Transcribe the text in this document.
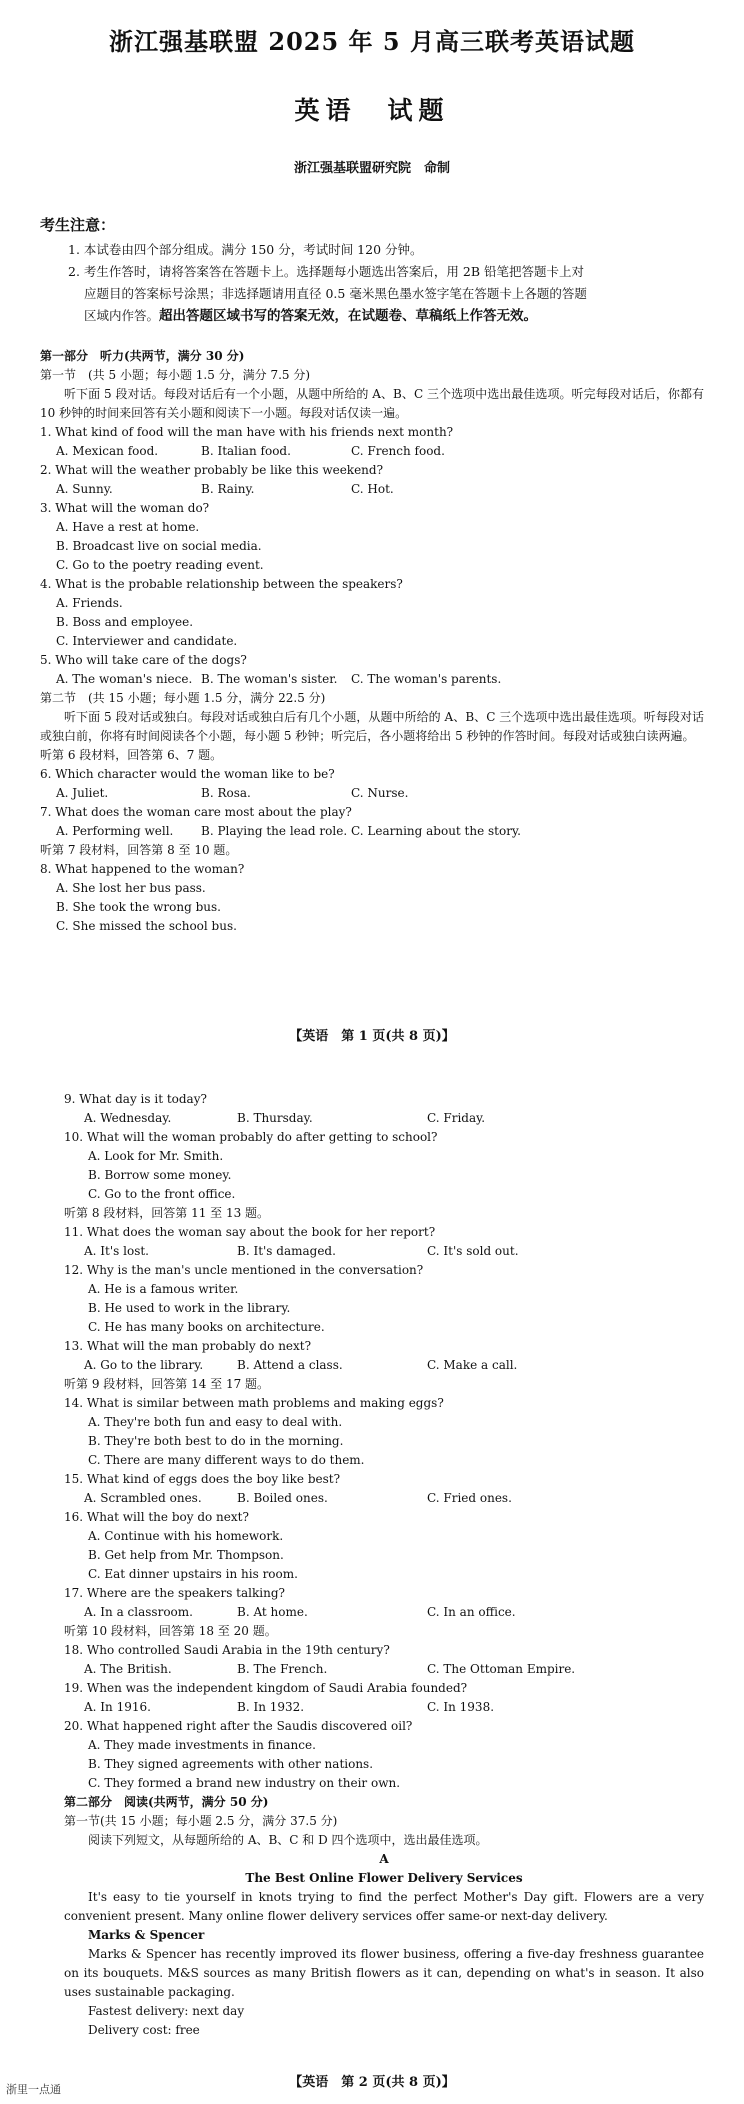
浙江强基联盟 2025 年 5 月高三联考英语试题
英语　试题
浙江强基联盟研究院　命制
考生注意：
1. 本试卷由四个部分组成。满分 150 分，考试时间 120 分钟。
2. 考生作答时，请将答案答在答题卡上。选择题每小题选出答案后，用 2B 铅笔把答题卡上对
应题目的答案标号涂黑；非选择题请用直径 0.5 毫米黑色墨水签字笔在答题卡上各题的答题
区域内作答。超出答题区域书写的答案无效，在试题卷、草稿纸上作答无效。
第一部分　听力(共两节，满分 30 分)
第一节　(共 5 小题；每小题 1.5 分，满分 7.5 分)
听下面 5 段对话。每段对话后有一个小题，从题中所给的 A、B、C 三个选项中选出最佳选项。听完每段对话后，你都有 10 秒钟的时间来回答有关小题和阅读下一小题。每段对话仅读一遍。
1. What kind of food will the man have with his friends next month?
A. Mexican food.	B. Italian food.	C. French food.
2. What will the weather probably be like this weekend?
A. Sunny.	B. Rainy.	C. Hot.
3. What will the woman do?
A. Have a rest at home.
B. Broadcast live on social media.
C. Go to the poetry reading event.
4. What is the probable relationship between the speakers?
A. Friends.
B. Boss and employee.
C. Interviewer and candidate.
5. Who will take care of the dogs?
A. The woman's niece. B. The woman's sister.	C. The woman's parents.
第二节　(共 15 小题；每小题 1.5 分，满分 22.5 分)
听下面 5 段对话或独白。每段对话或独白后有几个小题，从题中所给的 A、B、C 三个选项中选出最佳选项。听每段对话或独白前，你将有时间阅读各个小题，每小题 5 秒钟；听完后，各小题将给出 5 秒钟的作答时间。每段对话或独白读两遍。
听第 6 段材料，回答第 6、7 题。
6. Which character would the woman like to be?
A. Juliet.	B. Rosa.	C. Nurse.
7. What does the woman care most about the play?
A. Performing well.	B. Playing the lead role. C. Learning about the story.
听第 7 段材料，回答第 8 至 10 题。
8. What happened to the woman?
A. She lost her bus pass.
B. She took the wrong bus.
C. She missed the school bus.
【英语　第 1 页(共 8 页)】
9. What day is it today?
A. Wednesday.	B. Thursday.	C. Friday.
10. What will the woman probably do after getting to school?
A. Look for Mr. Smith.
B. Borrow some money.
C. Go to the front office.
听第 8 段材料，回答第 11 至 13 题。
11. What does the woman say about the book for her report?
A. It's lost.	B. It's damaged.	C. It's sold out.
12. Why is the man's uncle mentioned in the conversation?
A. He is a famous writer.
B. He used to work in the library.
C. He has many books on architecture.
13. What will the man probably do next?
A. Go to the library.	B. Attend a class.	C. Make a call.
听第 9 段材料，回答第 14 至 17 题。
14. What is similar between math problems and making eggs?
A. They're both fun and easy to deal with.
B. They're both best to do in the morning.
C. There are many different ways to do them.
15. What kind of eggs does the boy like best?
A. Scrambled ones.	B. Boiled ones.	C. Fried ones.
16. What will the boy do next?
A. Continue with his homework.
B. Get help from Mr. Thompson.
C. Eat dinner upstairs in his room.
17. Where are the speakers talking?
A. In a classroom.	B. At home.	C. In an office.
听第 10 段材料，回答第 18 至 20 题。
18. Who controlled Saudi Arabia in the 19th century?
A. The British.	B. The French.	C. The Ottoman Empire.
19. When was the independent kingdom of Saudi Arabia founded?
A. In 1916.	B. In 1932.	C. In 1938.
20. What happened right after the Saudis discovered oil?
A. They made investments in finance.
B. They signed agreements with other nations.
C. They formed a brand new industry on their own.
第二部分　阅读(共两节，满分 50 分)
第一节(共 15 小题；每小题 2.5 分，满分 37.5 分)
阅读下列短文，从每题所给的 A、B、C 和 D 四个选项中，选出最佳选项。
A
The Best Online Flower Delivery Services
It's easy to tie yourself in knots trying to find the perfect Mother's Day gift. Flowers are a very convenient present. Many online flower delivery services offer same-or next-day delivery.
Marks & Spencer
Marks & Spencer has recently improved its flower business, offering a five-day freshness guarantee on its bouquets. M&S sources as many British flowers as it can, depending on what's in season. It also uses sustainable packaging.
Fastest delivery: next day
Delivery cost: free
【英语　第 2 页(共 8 页)】
浙里一点通
